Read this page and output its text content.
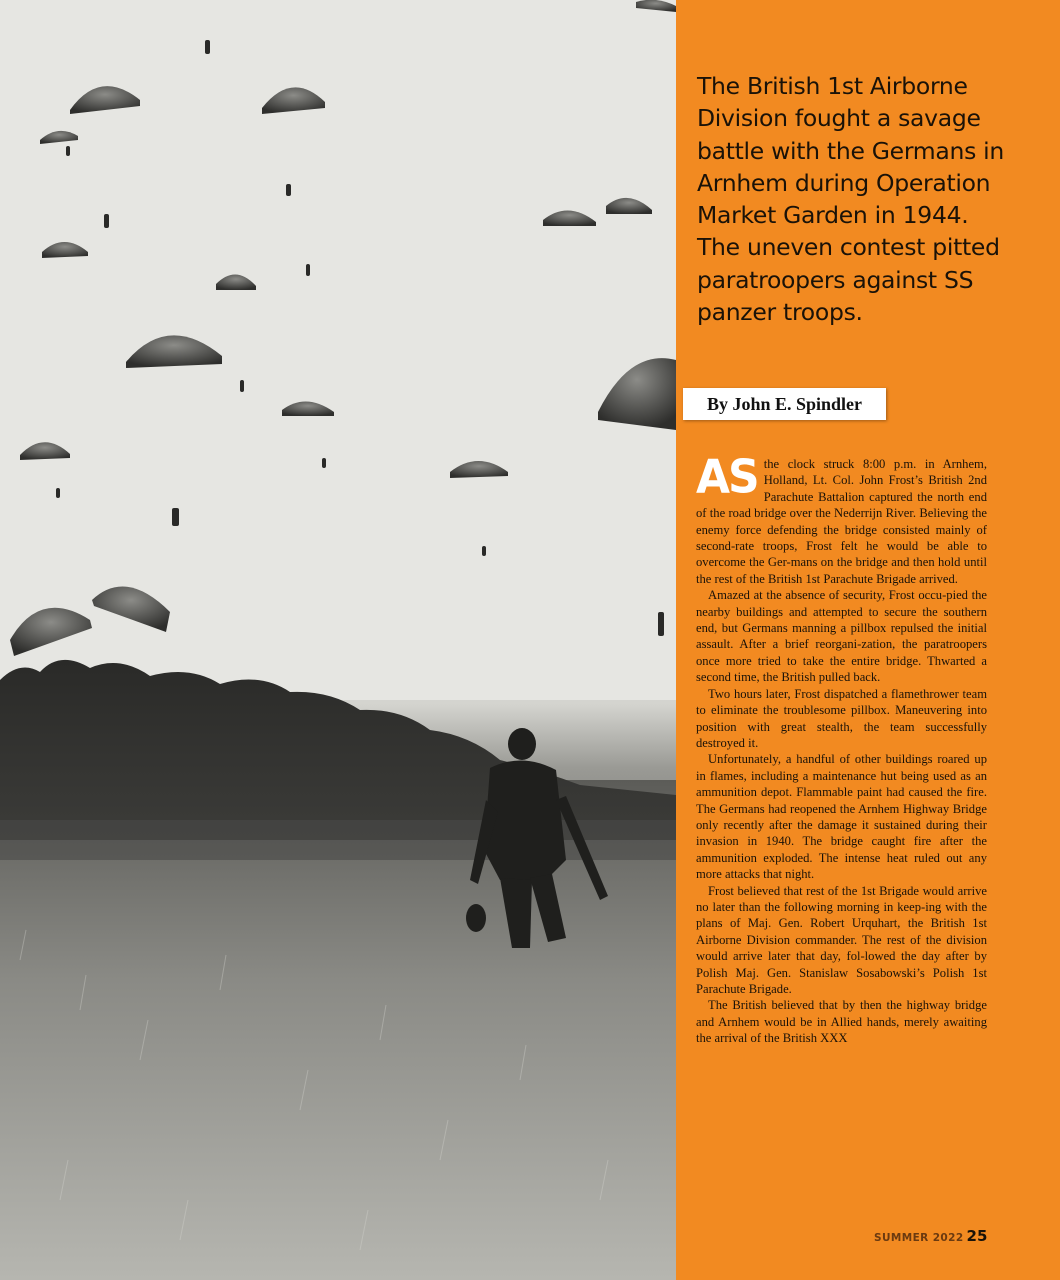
The British 1st Airborne Division fought a savage battle with the Germans in Arnhem during Operation Market Garden in 1944. The uneven contest pitted paratroopers against SS panzer troops.
By John E. Spindler

AS the clock struck 8:00 p.m. in Arnhem, Holland, Lt. Col. John Frost’s British 2nd Parachute Battalion captured the north end of the road bridge over the Nederrijn River. Believing the enemy force defending the bridge consisted mainly of second-rate troops, Frost felt he would be able to overcome the Ger-mans on the bridge and then hold until the rest of the British 1st Parachute Brigade arrived.

Amazed at the absence of security, Frost occu-pied the nearby buildings and attempted to secure the southern end, but Germans manning a pillbox repulsed the initial assault. After a brief reorgani-zation, the paratroopers once more tried to take the entire bridge. Thwarted a second time, the British pulled back.

Two hours later, Frost dispatched a flamethrower team to eliminate the troublesome pillbox. Maneuvering into position with great stealth, the team successfully destroyed it.

Unfortunately, a handful of other buildings roared up in flames, including a maintenance hut being used as an ammunition depot. Flammable paint had caused the fire. The Germans had reopened the Arnhem Highway Bridge only recently after the damage it sustained during their invasion in 1940. The bridge caught fire after the ammunition exploded. The intense heat ruled out any more attacks that night.

Frost believed that rest of the 1st Brigade would arrive no later than the following morning in keep-ing with the plans of Maj. Gen. Robert Urquhart, the British 1st Airborne Division commander. The rest of the division would arrive later that day, fol-lowed the day after by Polish Maj. Gen. Stanislaw Sosabowski’s Polish 1st Parachute Brigade.

The British believed that by then the highway bridge and Arnhem would be in Allied hands, merely awaiting the arrival of the British XXX

SUMMER 2022 25
